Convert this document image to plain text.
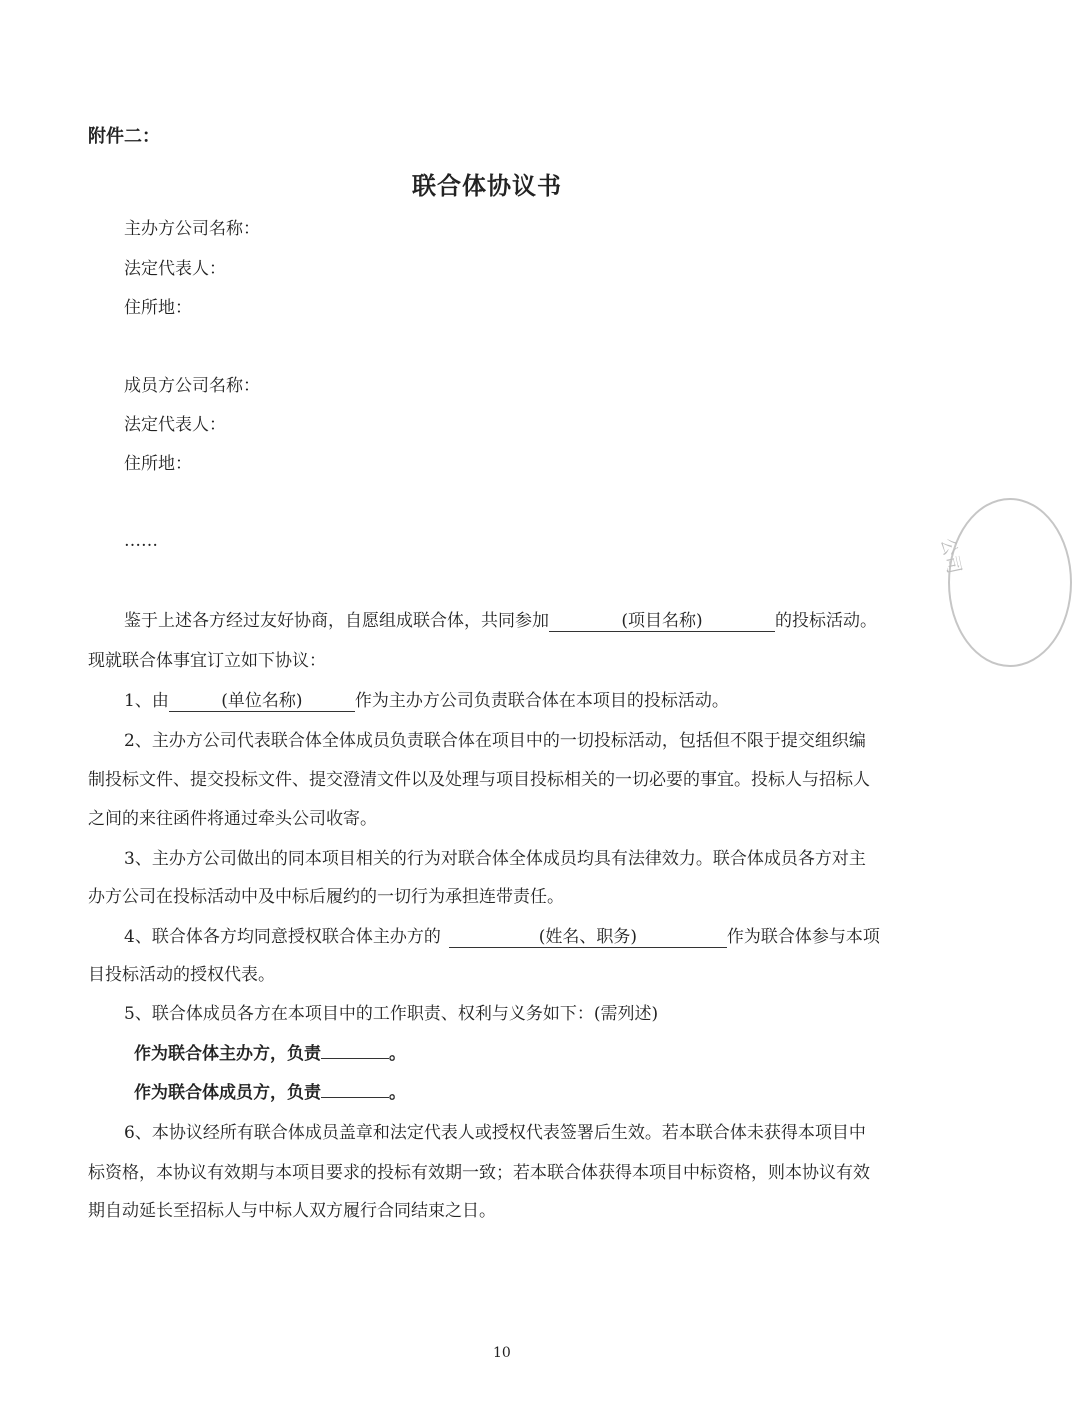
附件二：
联合体协议书
主办方公司名称：
法定代表人：
住所地：
成员方公司名称：
法定代表人：
住所地：
……
鉴于上述各方经过友好协商，自愿组成联合体，共同参加	(项目名称)	的投标活动。
现就联合体事宜订立如下协议：
1、由	(单位名称)	作为主办方公司负责联合体在本项目的投标活动。
2、主办方公司代表联合体全体成员负责联合体在项目中的一切投标活动，包括但不限于提交组织编
制投标文件、提交投标文件、提交澄清文件以及处理与项目投标相关的一切必要的事宜。投标人与招标人
之间的来往函件将通过牵头公司收寄。
3、主办方公司做出的同本项目相关的行为对联合体全体成员均具有法律效力。联合体成员各方对主
办方公司在投标活动中及中标后履约的一切行为承担连带责任。
4、联合体各方均同意授权联合体主办方的	(姓名、职务)	作为联合体参与本项
目投标活动的授权代表。
5、联合体成员各方在本项目中的工作职责、权利与义务如下：(需列述)
作为联合体主办方，负责	。
作为联合体成员方，负责	。
6、本协议经所有联合体成员盖章和法定代表人或授权代表签署后生效。若本联合体未获得本项目中
标资格，本协议有效期与本项目要求的投标有效期一致；若本联合体获得本项目中标资格，则本协议有效
期自动延长至招标人与中标人双方履行合同结束之日。
10
公司
